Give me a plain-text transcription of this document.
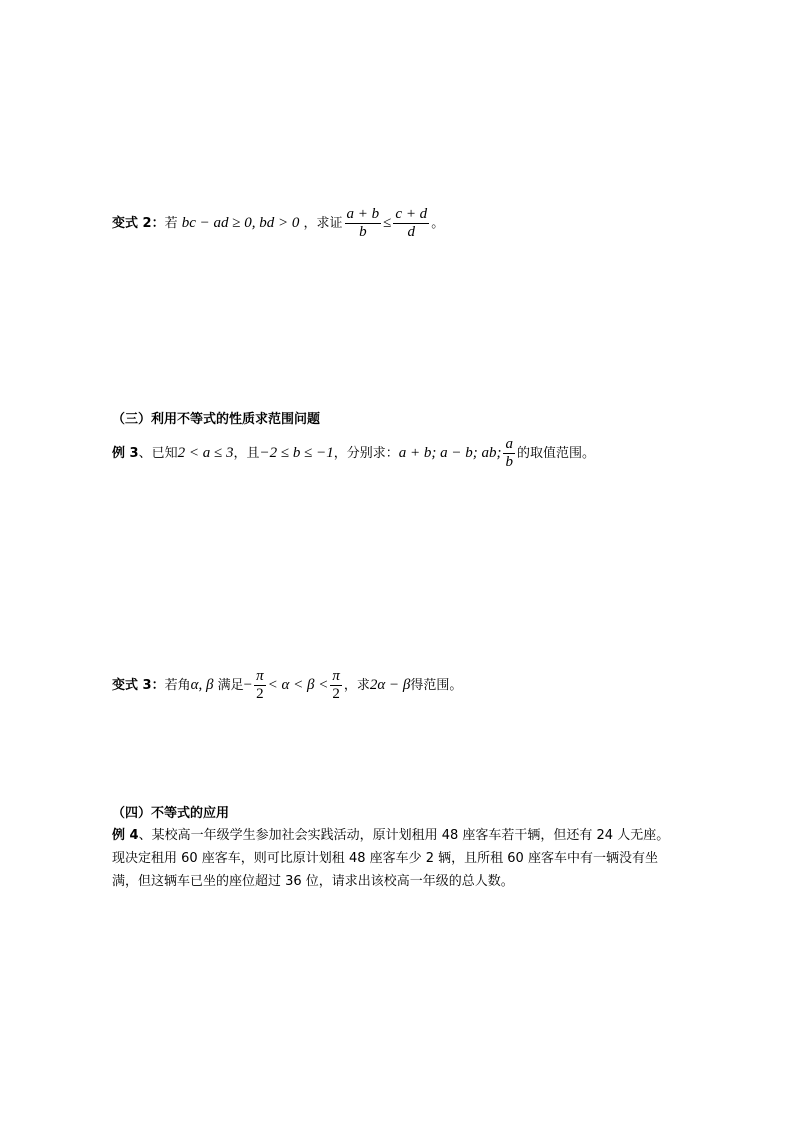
变式 2：若 bc − ad ≥ 0, bd > 0 ，求证 $\frac{a + b}{b} \le \frac{c + d}{d}$ 。
（三）利用不等式的性质求范围问题
例 3、已知2 < a ≤ 3，且−2 ≤ b ≤ −1，分别求：a + b; a − b; ab; $\frac{a}{b}$ 的取值范围。
变式 3：若角α, β 满足− $\frac{\pi}{2} < \alpha < \beta < \frac{\pi}{2}$ ，求2α − β得范围。
（四）不等式的应用
例 4、某校高一年级学生参加社会实践活动，原计划租用 48 座客车若干辆，但还有 24 人无座。
现决定租用 60 座客车，则可比原计划租 48 座客车少 2 辆，且所租 60 座客车中有一辆没有坐
满，但这辆车已坐的座位超过 36 位，请求出该校高一年级的总人数。
